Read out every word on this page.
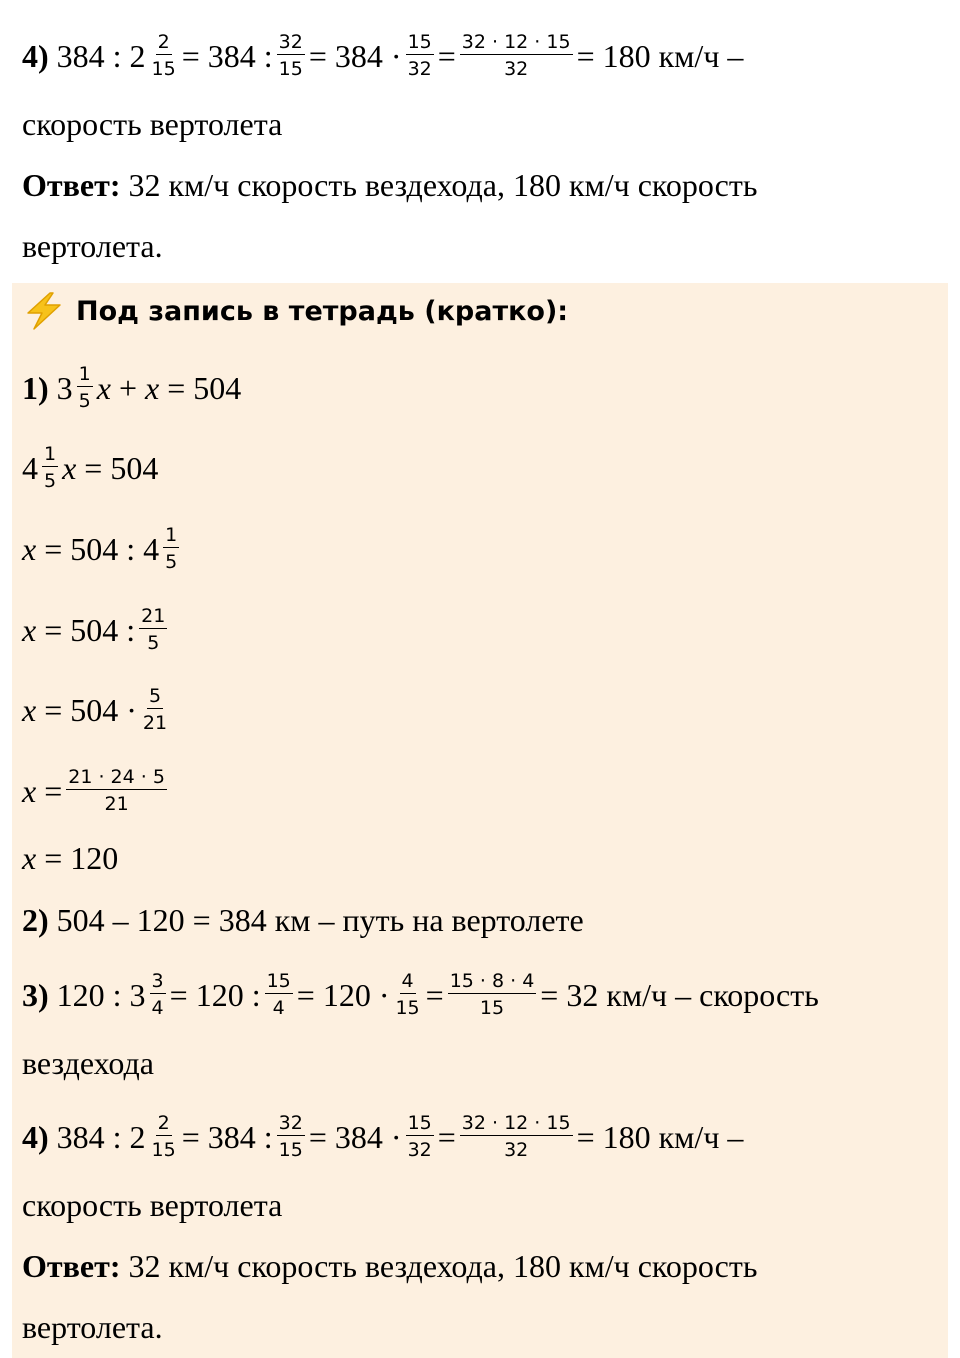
4) 384 : $2 \frac{2}{15} = 384$ : $\frac{32}{15} = 384 \cdot \frac{15}{32} = \frac{32 \cdot 12 \cdot 15}{32} = 180$ км/ч –
скорость вертолета
Ответ: 32 км/ч скорость вездехода, 180 км/ч скорость
вертолета.
Под запись в тетрадь (кратко):
1) $3 \frac{1}{5}$ x + x = 504
$4 \frac{1}{5}$ x = 504
x = 504 : $4 \frac{1}{5}$
x = 504 : $\frac{21}{5}$
$x = 504 \cdot \frac{5}{21}$
$x = \frac{21 \cdot 24 \cdot 5}{21}$
x = 120
2) 504 – 120 = 384 км – путь на вертолете
3) 120 : $3 \frac{3}{4} = 120$ : $\frac{15}{4} = 120 \cdot \frac{4}{15} = \frac{15 \cdot 8 \cdot 4}{15} = 32$ км/ч – скорость
вездехода
4) 384 : $2 \frac{2}{15} = 384$ : $\frac{32}{15} = 384 \cdot \frac{15}{32} = \frac{32 \cdot 12 \cdot 15}{32} = 180$ км/ч –
скорость вертолета
Ответ: 32 км/ч скорость вездехода, 180 км/ч скорость
вертолета.
